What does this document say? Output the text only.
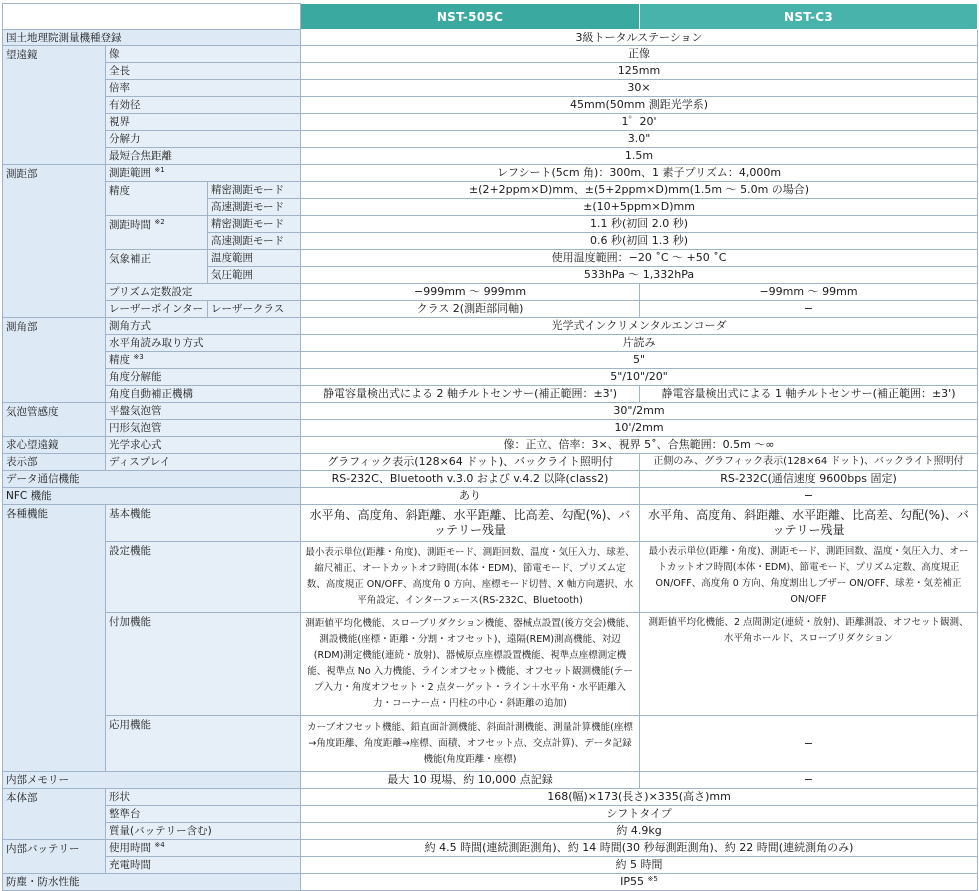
			NST-505C	NST-C3
国土地理院測量機種登録			3級トータルステーション	
望遠鏡	像		正像	
	全長		125mm	
	倍率		30×	
	有効径		45mm(50mm 測距光学系)	
	視界		1゜20'	
	分解力		3.0"	
	最短合焦距離		1.5m	
測距部	測距範囲 $^{※1}$		レフシート(5cm 角)：300m、1 素子プリズム：4,000m	
	精度	精密測距モード	±(2+2ppm×D)mm、±(5+2ppm×D)mm(1.5m ～ 5.0m の場合)	
		高速測距モード	±(10+5ppm×D)mm	
	測距時間 $^{※2}$	精密測距モード	1.1 秒(初回 2.0 秒)	
		高速測距モード	0.6 秒(初回 1.3 秒)	
	気象補正	温度範囲	使用温度範囲：−20 ˚C ～ +50 ˚C	
		気圧範囲	533hPa ～ 1,332hPa	
	プリズム定数設定		−999mm ～ 999mm	−99mm ～ 99mm
	レーザーポインター	レーザークラス	クラス 2(測距部同軸)	−
測角部	測角方式		光学式インクリメンタルエンコーダ	
	水平角読み取り方式		片読み	
	精度 $^{※3}$		5"	
	角度分解能		5"/10"/20"	
	角度自動補正機構		静電容量検出式による 2 軸チルトセンサー(補正範囲：±3')	静電容量検出式による 1 軸チルトセンサー(補正範囲：±3')
気泡管感度	平盤気泡管		30"/2mm	
	円形気泡管		10'/2mm	
求心望遠鏡	光学求心式		像：正立、倍率：3×、視界 5˚、合焦範囲：0.5m ～∞	
表示部	ディスプレイ		グラフィック表示(128×64 ドット)、バックライト照明付	正側のみ、グラフィック表示(128×64 ドット)、バックライト照明付
データ通信機能			RS-232C、Bluetooth v.3.0 および v.4.2 以降(class2)	RS-232C(通信速度 9600bps 固定)
NFC 機能			あり	−
各種機能	基本機能		水平角、高度角、斜距離、水平距離、比高差、勾配(%)、バッテリー残量	水平角、高度角、斜距離、水平距離、比高差、勾配(%)、バッテリー残量
	設定機能		最小表示単位(距離・角度)、測距モード、測距回数、温度・気圧入力、球差、縮尺補正、オートカットオフ時間(本体・EDM)、節電モード、プリズム定数、高度規正 ON/OFF、高度角 0 方向、座標モード切替、X 軸方向選択、水平角設定、インターフェース(RS-232C、Bluetooth)	最小表示単位(距離・角度)、測距モード、測距回数、温度・気圧入力、オートカットオフ時間(本体・EDM)、節電モード、プリズム定数、高度規正 ON/OFF、高度角 0 方向、角度割出しブザー ON/OFF、球差・気差補正 ON/OFF
	付加機能		測距値平均化機能、スローブリダクション機能、器械点設置(後方交会)機能、測設機能(座標・距離・分割・オフセット)、遠隔(REM)測高機能、対辺(RDM)測定機能(連続・放射)、器械原点座標設置機能、視準点座標測定機能、視準点 No 入力機能、ラインオフセット機能、オフセット観測機能(テープ入力・角度オフセット・2 点ターゲット・ライン＋水平角・水平距離入力・コーナー点・円柱の中心・斜距離の追加)	測距値平均化機能、2 点間測定(連続・放射)、距離測設、オフセット観測、水平角ホールド、スローブリダクション
	応用機能		カーブオフセット機能、鉛直面計測機能、斜面計測機能、測量計算機能(座標→角度距離、角度距離→座標、面積、オフセット点、交点計算)、データ記録機能(角度距離・座標)	−
内部メモリー			最大 10 現場、約 10,000 点記録	−
本体部	形状		168(幅)×173(長さ)×335(高さ)mm	
	整準台		シフトタイプ	
	質量(バッテリー含む)		約 4.9kg	
内部バッテリー	使用時間 $^{※4}$		約 4.5 時間(連続測距測角)、約 14 時間(30 秒毎測距測角)、約 22 時間(連続測角のみ)	
	充電時間		約 5 時間	
防塵・防水性能			IP55 $^{※5}$
